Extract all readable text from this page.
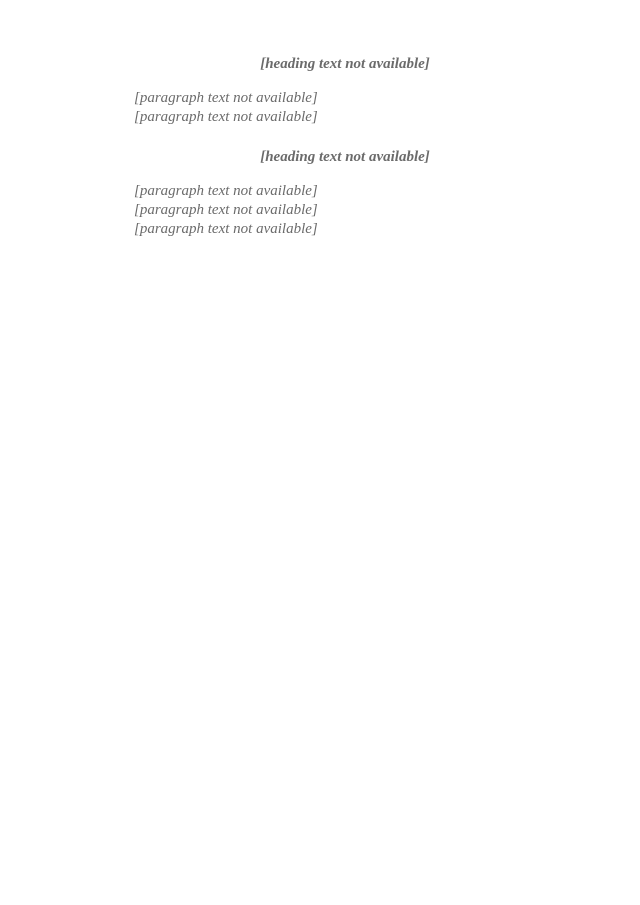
[heading text not available]

[paragraph text not available]

[paragraph text not available]

[heading text not available]

[paragraph text not available]

[paragraph text not available]

[paragraph text not available]
